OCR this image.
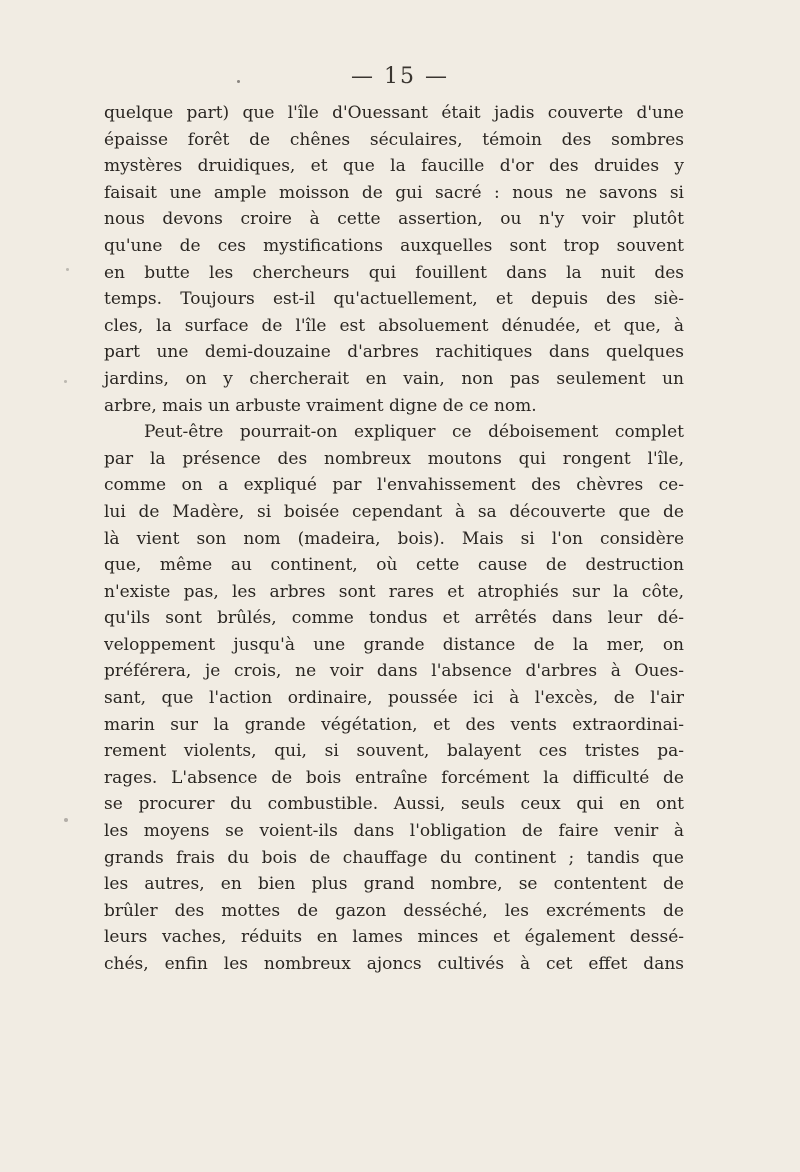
— 15 —
quelque part) que l'île d'Ouessant était jadis couverte d'une
épaisse forêt de chênes séculaires, témoin des sombres
mystères druidiques, et que la faucille d'or des druides y
faisait une ample moisson de gui sacré : nous ne savons si
nous devons croire à cette assertion, ou n'y voir plutôt
qu'une de ces mystifications auxquelles sont trop souvent
en butte les chercheurs qui fouillent dans la nuit des
temps. Toujours est-il qu'actuellement, et depuis des siè-
cles, la surface de l'île est absoluement dénudée, et que, à
part une demi-douzaine d'arbres rachitiques dans quelques
jardins, on y chercherait en vain, non pas seulement un
arbre, mais un arbuste vraiment digne de ce nom.
Peut-être pourrait-on expliquer ce déboisement complet
par la présence des nombreux moutons qui rongent l'île,
comme on a expliqué par l'envahissement des chèvres ce-
lui de Madère, si boisée cependant à sa découverte que de
là vient son nom (madeira, bois). Mais si l'on considère
que, même au continent, où cette cause de destruction
n'existe pas, les arbres sont rares et atrophiés sur la côte,
qu'ils sont brûlés, comme tondus et arrêtés dans leur dé-
veloppement jusqu'à une grande distance de la mer, on
préférera, je crois, ne voir dans l'absence d'arbres à Oues-
sant, que l'action ordinaire, poussée ici à l'excès, de l'air
marin sur la grande végétation, et des vents extraordinai-
rement violents, qui, si souvent, balayent ces tristes pa-
rages. L'absence de bois entraîne forcément la difficulté de
se procurer du combustible. Aussi, seuls ceux qui en ont
les moyens se voient-ils dans l'obligation de faire venir à
grands frais du bois de chauffage du continent ; tandis que
les autres, en bien plus grand nombre, se contentent de
brûler des mottes de gazon desséché, les excréments de
leurs vaches, réduits en lames minces et également dessé-
chés, enfin les nombreux ajoncs cultivés à cet effet dans
